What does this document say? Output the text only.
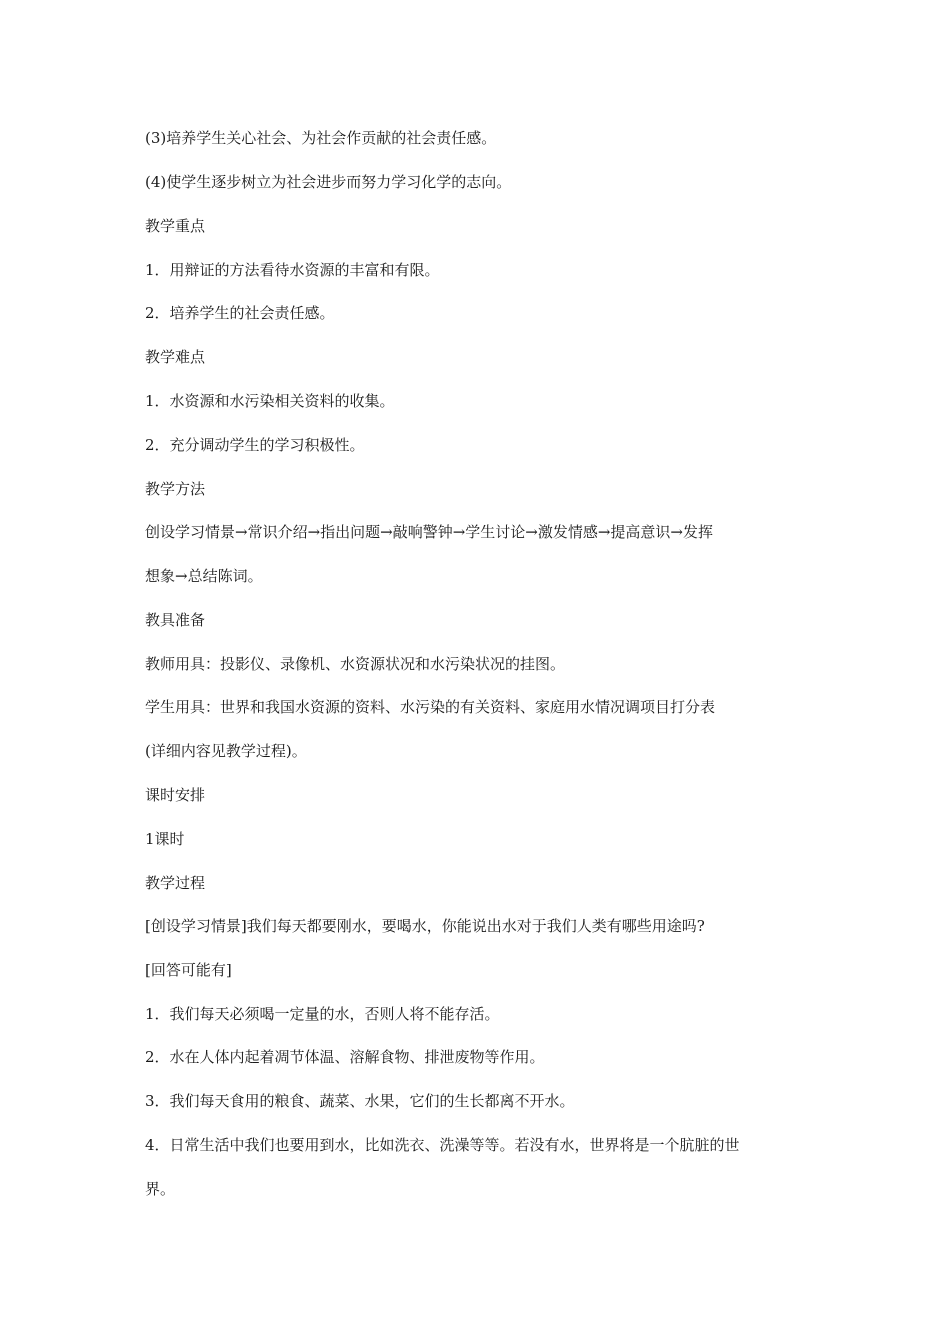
(3)培养学生关心社会、为社会作贡献的社会责任感。
(4)使学生逐步树立为社会进步而努力学习化学的志向。
教学重点
1．用辩证的方法看待水资源的丰富和有限。
2．培养学生的社会责任感。
教学难点
1．水资源和水污染相关资料的收集。
2．充分调动学生的学习积极性。
教学方法
创设学习情景→常识介绍→指出问题→敲响警钟→学生讨论→激发情感→提高意识→发挥
想象→总结陈词。
教具准备
教师用具：投影仪、录像机、水资源状况和水污染状况的挂图。
学生用具：世界和我国水资源的资料、水污染的有关资料、家庭用水情况调项目打分表
(详细内容见教学过程)。
课时安排
1课时
教学过程
[创设学习情景]我们每天都要刚水，要喝水，你能说出水对于我们人类有哪些用途吗?
[回答可能有]
1．我们每天必须喝一定量的水，否则人将不能存活。
2．水在人体内起着凋节体温、溶解食物、排泄废物等作用。
3．我们每天食用的粮食、蔬菜、水果，它们的生长都离不开水。
4．日常生活中我们也要用到水，比如洗衣、洗澡等等。若没有水，世界将是一个肮脏的世
界。
